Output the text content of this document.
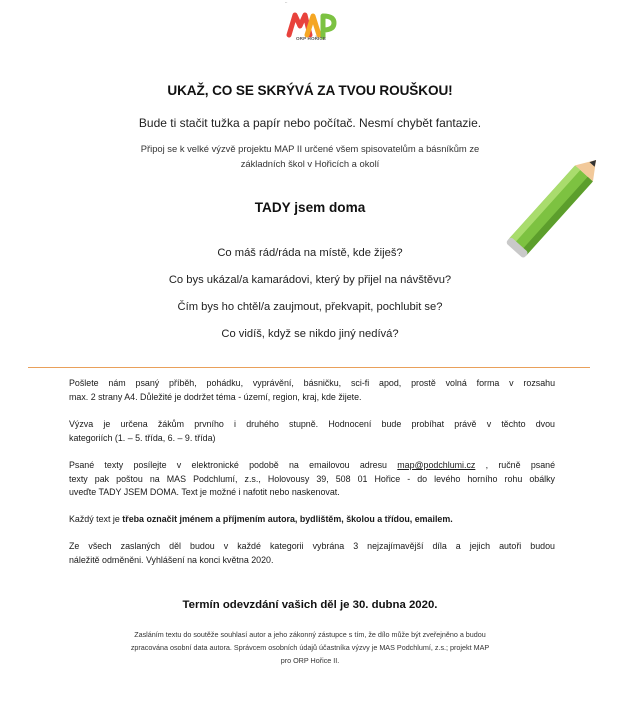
MAP
ORP HOŘICE
UKAŽ, CO SE SKRÝVÁ ZA TVOU ROUŠKOU!
Bude ti stačit tužka a papír nebo počítač. Nesmí chybět fantazie.
Připoj se k velké výzvě projektu MAP II určené všem spisovatelům a básníkům ze
základních škol v Hořicích a okolí
TADY jsem doma
Co máš rád/ráda na místě, kde žiješ?
Co bys ukázal/a kamarádovi, který by přijel na návštěvu?
Čím bys ho chtěl/a zaujmout, překvapit, pochlubit se?
Co vidíš, když se nikdo jiný nedívá?
Pošlete nám psaný příběh, pohádku, vyprávění, básničku, sci-fi apod, prostě volná forma v rozsahu
max. 2 strany A4. Důležité je dodržet téma - území, region, kraj, kde žijete.
Výzva je určena žákům prvního i druhého stupně. Hodnocení bude probíhat právě v těchto dvou
kategoriích (1. – 5. třída, 6. – 9. třída)
Psané texty posílejte v elektronické podobě na emailovou adresu map@podchlumi.cz , ručně psané
texty pak poštou na MAS Podchlumí, z.s., Holovousy 39, 508 01 Hořice - do levého horního rohu obálky
uveďte TADY JSEM DOMA. Text je možné i nafotit nebo naskenovat.
Každý text je třeba označit jménem a příjmením autora, bydlištěm, školou a třídou, emailem.
Ze všech zaslaných děl budou v každé kategorii vybrána 3 nejzajímavější díla a jejich autoři budou
náležitě odměněni. Vyhlášení na konci května 2020.
Termín odevzdání vašich děl je 30. dubna 2020.
Zasláním textu do soutěže souhlasí autor a jeho zákonný zástupce s tím, že dílo může být zveřejněno a budou
zpracována osobní data autora. Správcem osobních údajů účastníka výzvy je MAS Podchlumí, z.s.; projekt MAP
pro ORP Hořice II.
